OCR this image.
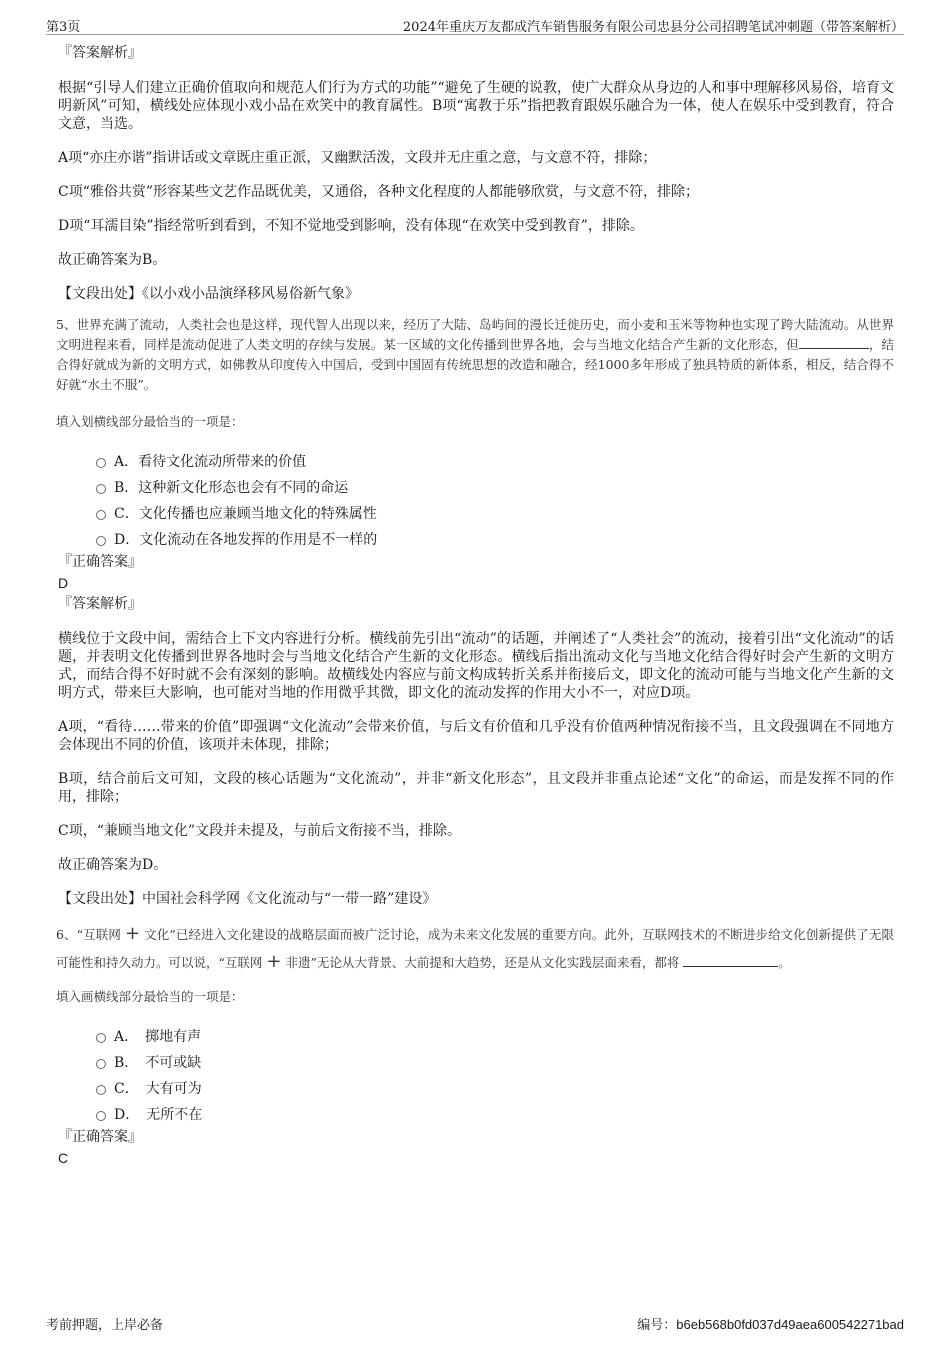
第3页	2024年重庆万友都成汽车销售服务有限公司忠县分公司招聘笔试冲刺题（带答案解析）
『答案解析』

根据“引导人们建立正确价值取向和规范人们行为方式的功能”“避免了生硬的说教，使广大群众从身边的人和事中理解移风易俗，培育文明新风”可知，横线处应体现小戏小品在欢笑中的教育属性。B项“寓教于乐”指把教育跟娱乐融合为一体，使人在娱乐中受到教育，符合文意，当选。

A项“亦庄亦谐”指讲话或文章既庄重正派，又幽默活泼，文段并无庄重之意，与文意不符，排除；

C项“雅俗共赏”形容某些文艺作品既优美，又通俗，各种文化程度的人都能够欣赏，与文意不符，排除；

D项“耳濡目染”指经常听到看到，不知不觉地受到影响，没有体现“在欢笑中受到教育”，排除。

故正确答案为B。

【文段出处】《以小戏小品演绎移风易俗新气象》

5、世界充满了流动，人类社会也是这样，现代智人出现以来，经历了大陆、岛屿间的漫长迁徙历史，而小麦和玉米等物种也实现了跨大陆流动。从世界文明进程来看，同样是流动促进了人类文明的存续与发展。某一区域的文化传播到世界各地，会与当地文化结合产生新的文化形态，但	，结合得好就成为新的文明方式，如佛教从印度传入中国后，受到中国固有传统思想的改造和融合，经1000多年形成了独具特质的新体系，相反，结合得不好就“水土不服”。

填入划横线部分最恰当的一项是：

A．看待文化流动所带来的价值
B．这种新文化形态也会有不同的命运
C．文化传播也应兼顾当地文化的特殊属性
D．文化流动在各地发挥的作用是不一样的
『正确答案』
D
『答案解析』

横线位于文段中间，需结合上下文内容进行分析。横线前先引出“流动”的话题，并阐述了“人类社会”的流动，接着引出“文化流动”的话题，并表明文化传播到世界各地时会与当地文化结合产生新的文化形态。横线后指出流动文化与当地文化结合得好时会产生新的文明方式，而结合得不好时就不会有深刻的影响。故横线处内容应与前文构成转折关系并衔接后文，即文化的流动可能与当地文化产生新的文明方式，带来巨大影响，也可能对当地的作用微乎其微，即文化的流动发挥的作用大小不一，对应D项。

A项，“看待……带来的价值”即强调“文化流动”会带来价值，与后文有价值和几乎没有价值两种情况衔接不当，且文段强调在不同地方会体现出不同的价值，该项并未体现，排除；

B项，结合前后文可知，文段的核心话题为“文化流动”，并非“新文化形态”，且文段并非重点论述“文化”的命运，而是发挥不同的作用，排除；

C项，“兼顾当地文化”文段并未提及，与前后文衔接不当，排除。

故正确答案为D。

【文段出处】中国社会科学网《文化流动与“一带一路”建设》

6、“互联网 + 文化”已经进入文化建设的战略层面而被广泛讨论，成为未来文化发展的重要方向。此外，互联网技术的不断进步给文化创新提供了无限可能性和持久动力。可以说，“互联网 + 非遗”无论从大背景、大前提和大趋势，还是从文化实践层面来看，都将	。

填入画横线部分最恰当的一项是：

A．　掷地有声
B．　不可或缺
C．　大有可为
D．　无所不在
『正确答案』
C
考前押题，上岸必备	编号：b6eb568b0fd037d49aea600542271bad
